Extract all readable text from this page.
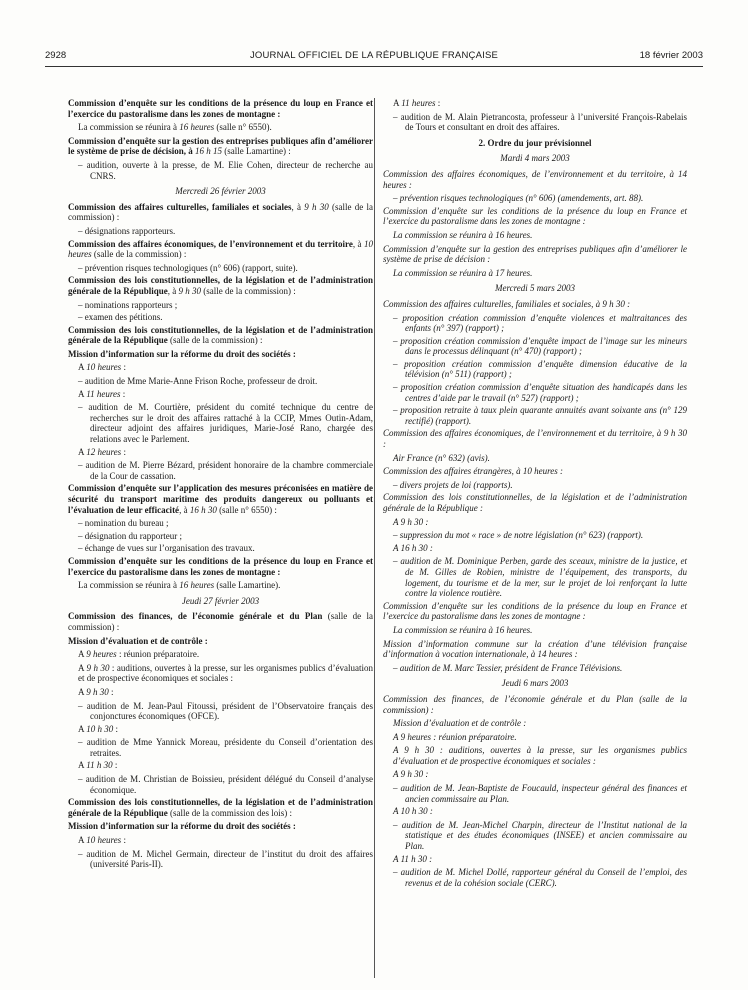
2928	JOURNAL OFFICIEL DE LA RÉPUBLIQUE FRANÇAISE	18 février 2003
Commission d’enquête sur les conditions de la présence du loup en France et l’exercice du pastoralisme dans les zones de montagne :
La commission se réunira à 16 heures (salle n° 6550).
Commission d’enquête sur la gestion des entreprises publiques afin d’améliorer le système de prise de décision, à 16 h 15 (salle Lamartine) :
– audition, ouverte à la presse, de M. Elie Cohen, directeur de recherche au CNRS.
Mercredi 26 février 2003
Commission des affaires culturelles, familiales et sociales, à 9 h 30 (salle de la commission) :
– désignations rapporteurs.
Commission des affaires économiques, de l’environnement et du territoire, à 10 heures (salle de la commission) :
– prévention risques technologiques (n° 606) (rapport, suite).
Commission des lois constitutionnelles, de la législation et de l’administration générale de la République, à 9 h 30 (salle de la commission) :
– nominations rapporteurs ;
– examen des pétitions.
Commission des lois constitutionnelles, de la législation et de l’administration générale de la République (salle de la commission) :
Mission d’information sur la réforme du droit des sociétés :
A 10 heures :
– audition de Mme Marie-Anne Frison Roche, professeur de droit.
A 11 heures :
– audition de M. Courtière, président du comité technique du centre de recherches sur le droit des affaires rattaché à la CCIP, Mmes Outin-Adam, directeur adjoint des affaires juridiques, Marie-José Rano, chargée des relations avec le Parlement.
A 12 heures :
– audition de M. Pierre Bézard, président honoraire de la chambre commerciale de la Cour de cassation.
Commission d’enquête sur l’application des mesures préconisées en matière de sécurité du transport maritime des produits dangereux ou polluants et l’évaluation de leur efficacité, à 16 h 30 (salle n° 6550) :
– nomination du bureau ;
– désignation du rapporteur ;
– échange de vues sur l’organisation des travaux.
Commission d’enquête sur les conditions de la présence du loup en France et l’exercice du pastoralisme dans les zones de montagne :
La commission se réunira à 16 heures (salle Lamartine).
Jeudi 27 février 2003
Commission des finances, de l’économie générale et du Plan (salle de la commission) :
Mission d’évaluation et de contrôle :
A 9 heures : réunion préparatoire.
A 9 h 30 : auditions, ouvertes à la presse, sur les organismes publics d’évaluation et de prospective économiques et sociales :
A 9 h 30 :
– audition de M. Jean-Paul Fitoussi, président de l’Observatoire français des conjonctures économiques (OFCE).
A 10 h 30 :
– audition de Mme Yannick Moreau, présidente du Conseil d’orientation des retraites.
A 11 h 30 :
– audition de M. Christian de Boissieu, président délégué du Conseil d’analyse économique.
Commission des lois constitutionnelles, de la législation et de l’administration générale de la République (salle de la commission des lois) :
Mission d’information sur la réforme du droit des sociétés :
A 10 heures :
– audition de M. Michel Germain, directeur de l’institut du droit des affaires (université Paris-II).
A 11 heures :
– audition de M. Alain Pietrancosta, professeur à l’université François-Rabelais de Tours et consultant en droit des affaires.
2. Ordre du jour prévisionnel
Mardi 4 mars 2003
Commission des affaires économiques, de l’environnement et du territoire, à 14 heures :
– prévention risques technologiques (n° 606) (amendements, art. 88).
Commission d’enquête sur les conditions de la présence du loup en France et l’exercice du pastoralisme dans les zones de montagne :
La commission se réunira à 16 heures.
Commission d’enquête sur la gestion des entreprises publiques afin d’améliorer le système de prise de décision :
La commission se réunira à 17 heures.
Mercredi 5 mars 2003
Commission des affaires culturelles, familiales et sociales, à 9 h 30 :
– proposition création commission d’enquête violences et maltraitances des enfants (n° 397) (rapport) ;
– proposition création commission d’enquête impact de l’image sur les mineurs dans le processus délinquant (n° 470) (rapport) ;
– proposition création commission d’enquête dimension éducative de la télévision (n° 511) (rapport) ;
– proposition création commission d’enquête situation des handicapés dans les centres d’aide par le travail (n° 527) (rapport) ;
– proposition retraite à taux plein quarante annuités avant soixante ans (n° 129 rectifié) (rapport).
Commission des affaires économiques, de l’environnement et du territoire, à 9 h 30 :
Air France (n° 632) (avis).
Commission des affaires étrangères, à 10 heures :
– divers projets de loi (rapports).
Commission des lois constitutionnelles, de la législation et de l’administration générale de la République :
A 9 h 30 :
– suppression du mot « race » de notre législation (n° 623) (rapport).
A 16 h 30 :
– audition de M. Dominique Perben, garde des sceaux, ministre de la justice, et de M. Gilles de Robien, ministre de l’équipement, des transports, du logement, du tourisme et de la mer, sur le projet de loi renforçant la lutte contre la violence routière.
Commission d’enquête sur les conditions de la présence du loup en France et l’exercice du pastoralisme dans les zones de montagne :
La commission se réunira à 16 heures.
Mission d’information commune sur la création d’une télévision française d’information à vocation internationale, à 14 heures :
– audition de M. Marc Tessier, président de France Télévisions.
Jeudi 6 mars 2003
Commission des finances, de l’économie générale et du Plan (salle de la commission) :
Mission d’évaluation et de contrôle :
A 9 heures : réunion préparatoire.
A 9 h 30 : auditions, ouvertes à la presse, sur les organismes publics d’évaluation et de prospective économiques et sociales :
A 9 h 30 :
– audition de M. Jean-Baptiste de Foucauld, inspecteur général des finances et ancien commissaire au Plan.
A 10 h 30 :
– audition de M. Jean-Michel Charpin, directeur de l’Institut national de la statistique et des études économiques (INSEE) et ancien commissaire au Plan.
A 11 h 30 :
– audition de M. Michel Dollé, rapporteur général du Conseil de l’emploi, des revenus et de la cohésion sociale (CERC).
